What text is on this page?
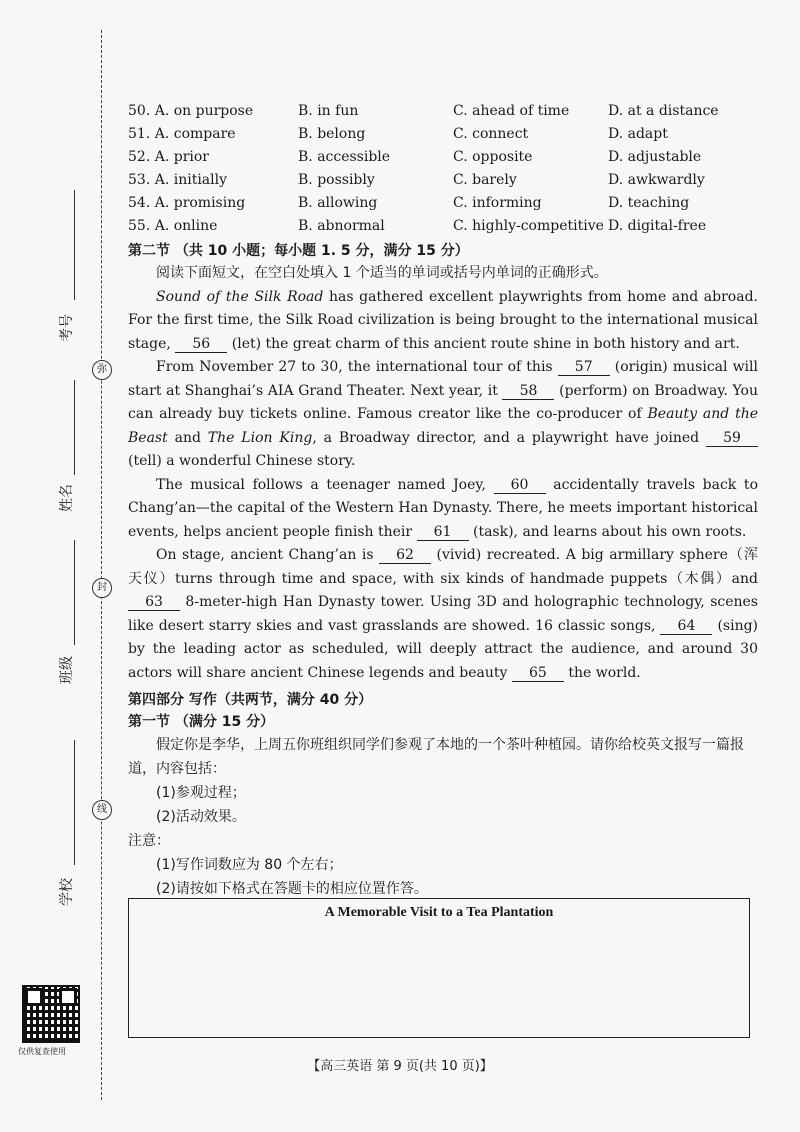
弥
封
线
考号
姓名
班级
学校
仅供复查使用
50. A. on purpose	B. in fun	C. ahead of time	D. at a distance
51. A. compare	B. belong	C. connect	D. adapt
52. A. prior	B. accessible	C. opposite	D. adjustable
53. A. initially	B. possibly	C. barely	D. awkwardly
54. A. promising	B. allowing	C. informing	D. teaching
55. A. online	B. abnormal	C. highly-competitive D. digital-free
第二节 （共 10 小题；每小题 1. 5 分，满分 15 分）

阅读下面短文，在空白处填入 1 个适当的单词或括号内单词的正确形式。

Sound of the Silk Road has gathered excellent playwrights from home and abroad. For the first time, the Silk Road civilization is being brought to the international musical stage, 56 (let) the great charm of this ancient route shine in both history and art.

From November 27 to 30, the international tour of this 57 (origin) musical will start at Shanghai’s AIA Grand Theater. Next year, it 58 (perform) on Broadway. You can already buy tickets online. Famous creator like the co-producer of Beauty and the Beast and The Lion King, a Broadway director, and a playwright have joined 59 (tell) a wonderful Chinese story.

The musical follows a teenager named Joey, 60 accidentally travels back to Chang’an—the capital of the Western Han Dynasty. There, he meets important historical events, helps ancient people finish their 61 (task), and learns about his own roots.

On stage, ancient Chang’an is 62 (vivid) recreated. A big armillary sphere（浑天仪）turns through time and space, with six kinds of handmade puppets（木偶）and 63 8-meter-high Han Dynasty tower. Using 3D and holographic technology, scenes like desert starry skies and vast grasslands are showed. 16 classic songs, 64 (sing) by the leading actor as scheduled, will deeply attract the audience, and around 30 actors will share ancient Chinese legends and beauty 65 the world.

第四部分 写作（共两节，满分 40 分）
第一节 （满分 15 分）

假定你是李华，上周五你班组织同学们参观了本地的一个茶叶种植园。请你给校英文报写一篇报道，内容包括：

(1)参观过程；

(2)活动效果。

注意：

(1)写作词数应为 80 个左右；

(2)请按如下格式在答题卡的相应位置作答。

A Memorable Visit to a Tea Plantation
【高三英语 第 9 页(共 10 页)】
